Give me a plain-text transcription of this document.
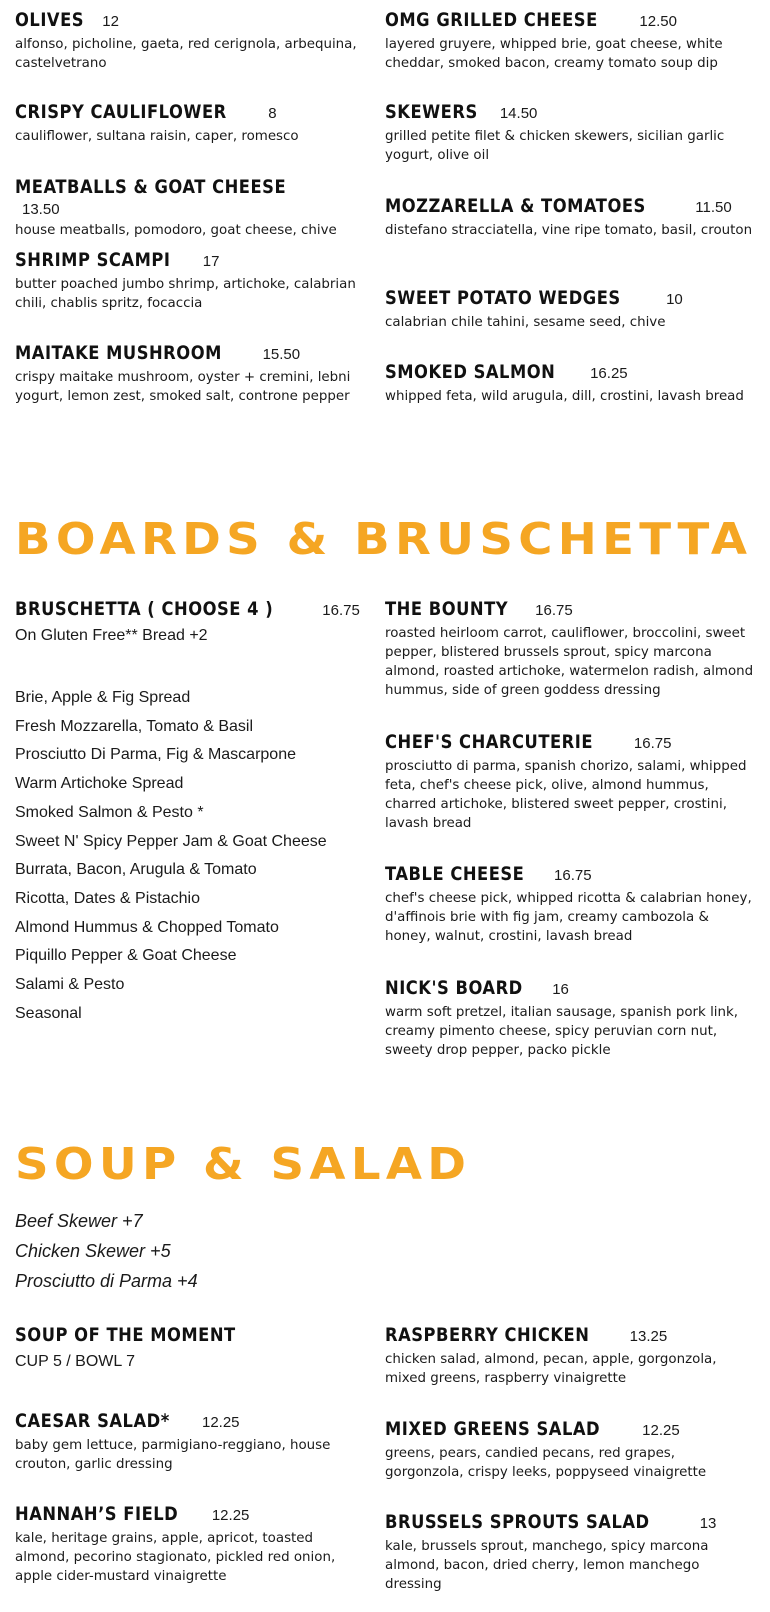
OLIVES 12
alfonso, picholine, gaeta, red cerignola, arbequina, castelvetrano
CRISPY CAULIFLOWER	8
cauliflower, sultana raisin, caper, romesco
MEATBALLS & GOAT CHEESE13.50
house meatballs, pomodoro, goat cheese, chive
SHRIMP SCAMPI 17
butter poached jumbo shrimp, artichoke, calabrian chili, chablis spritz, focaccia
MAITAKE MUSHROOM	15.50
crispy maitake mushroom, oyster + cremini, lebni yogurt, lemon zest, smoked salt, controne pepper
OMG GRILLED CHEESE	12.50
layered gruyere, whipped brie, goat cheese, white cheddar, smoked bacon, creamy tomato soup dip
SKEWERS 14.50
grilled petite filet & chicken skewers, sicilian garlic yogurt, olive oil
MOZZARELLA & TOMATOES	11.50
distefano stracciatella, vine ripe tomato, basil, crouton
SWEET POTATO WEDGES	10
calabrian chile tahini, sesame seed, chive
SMOKED SALMON 16.25
whipped feta, wild arugula, dill, crostini, lavash bread
BOARDS & BRUSCHETTA
BRUSCHETTA ( CHOOSE 4 )	16.75
On Gluten Free** Bread +2
Brie, Apple & Fig Spread
Fresh Mozzarella, Tomato & Basil
Prosciutto Di Parma, Fig & Mascarpone
Warm Artichoke Spread
Smoked Salmon & Pesto *
Sweet N' Spicy Pepper Jam & Goat Cheese
Burrata, Bacon, Arugula & Tomato
Ricotta, Dates & Pistachio
Almond Hummus & Chopped Tomato
Piquillo Pepper & Goat Cheese
Salami & Pesto
Seasonal
THE BOUNTY 16.75
roasted heirloom carrot, cauliflower, broccolini, sweet pepper, blistered brussels sprout, spicy marcona almond, roasted artichoke, watermelon radish, almond hummus, side of green goddess dressing
CHEF'S CHARCUTERIE	16.75
prosciutto di parma, spanish chorizo, salami, whipped feta, chef's cheese pick, olive, almond hummus, charred artichoke, blistered sweet pepper, crostini, lavash bread
TABLE CHEESE 16.75
chef's cheese pick, whipped ricotta & calabrian honey, d'affinois brie with fig jam, creamy cambozola & honey, walnut, crostini, lavash bread
NICK'S BOARD 16
warm soft pretzel, italian sausage, spanish pork link, creamy pimento cheese, spicy peruvian corn nut, sweety drop pepper, packo pickle
SOUP & SALAD
Beef Skewer +7
Chicken Skewer +5
Prosciutto di Parma +4
SOUP OF THE MOMENT
CUP 5 / BOWL 7
CAESAR SALAD* 12.25
baby gem lettuce, parmigiano-reggiano, house crouton, garlic dressing
HANNAH’S FIELD 12.25
kale, heritage grains, apple, apricot, toasted almond, pecorino stagionato, pickled red onion, apple cider-mustard vinaigrette
RASPBERRY CHICKEN	13.25
chicken salad, almond, pecan, apple, gorgonzola, mixed greens, raspberry vinaigrette
MIXED GREENS SALAD	12.25
greens, pears, candied pecans, red grapes, gorgonzola, crispy leeks, poppyseed vinaigrette
BRUSSELS SPROUTS SALAD	13
kale, brussels sprout, manchego, spicy marcona almond, bacon, dried cherry, lemon manchego dressing
